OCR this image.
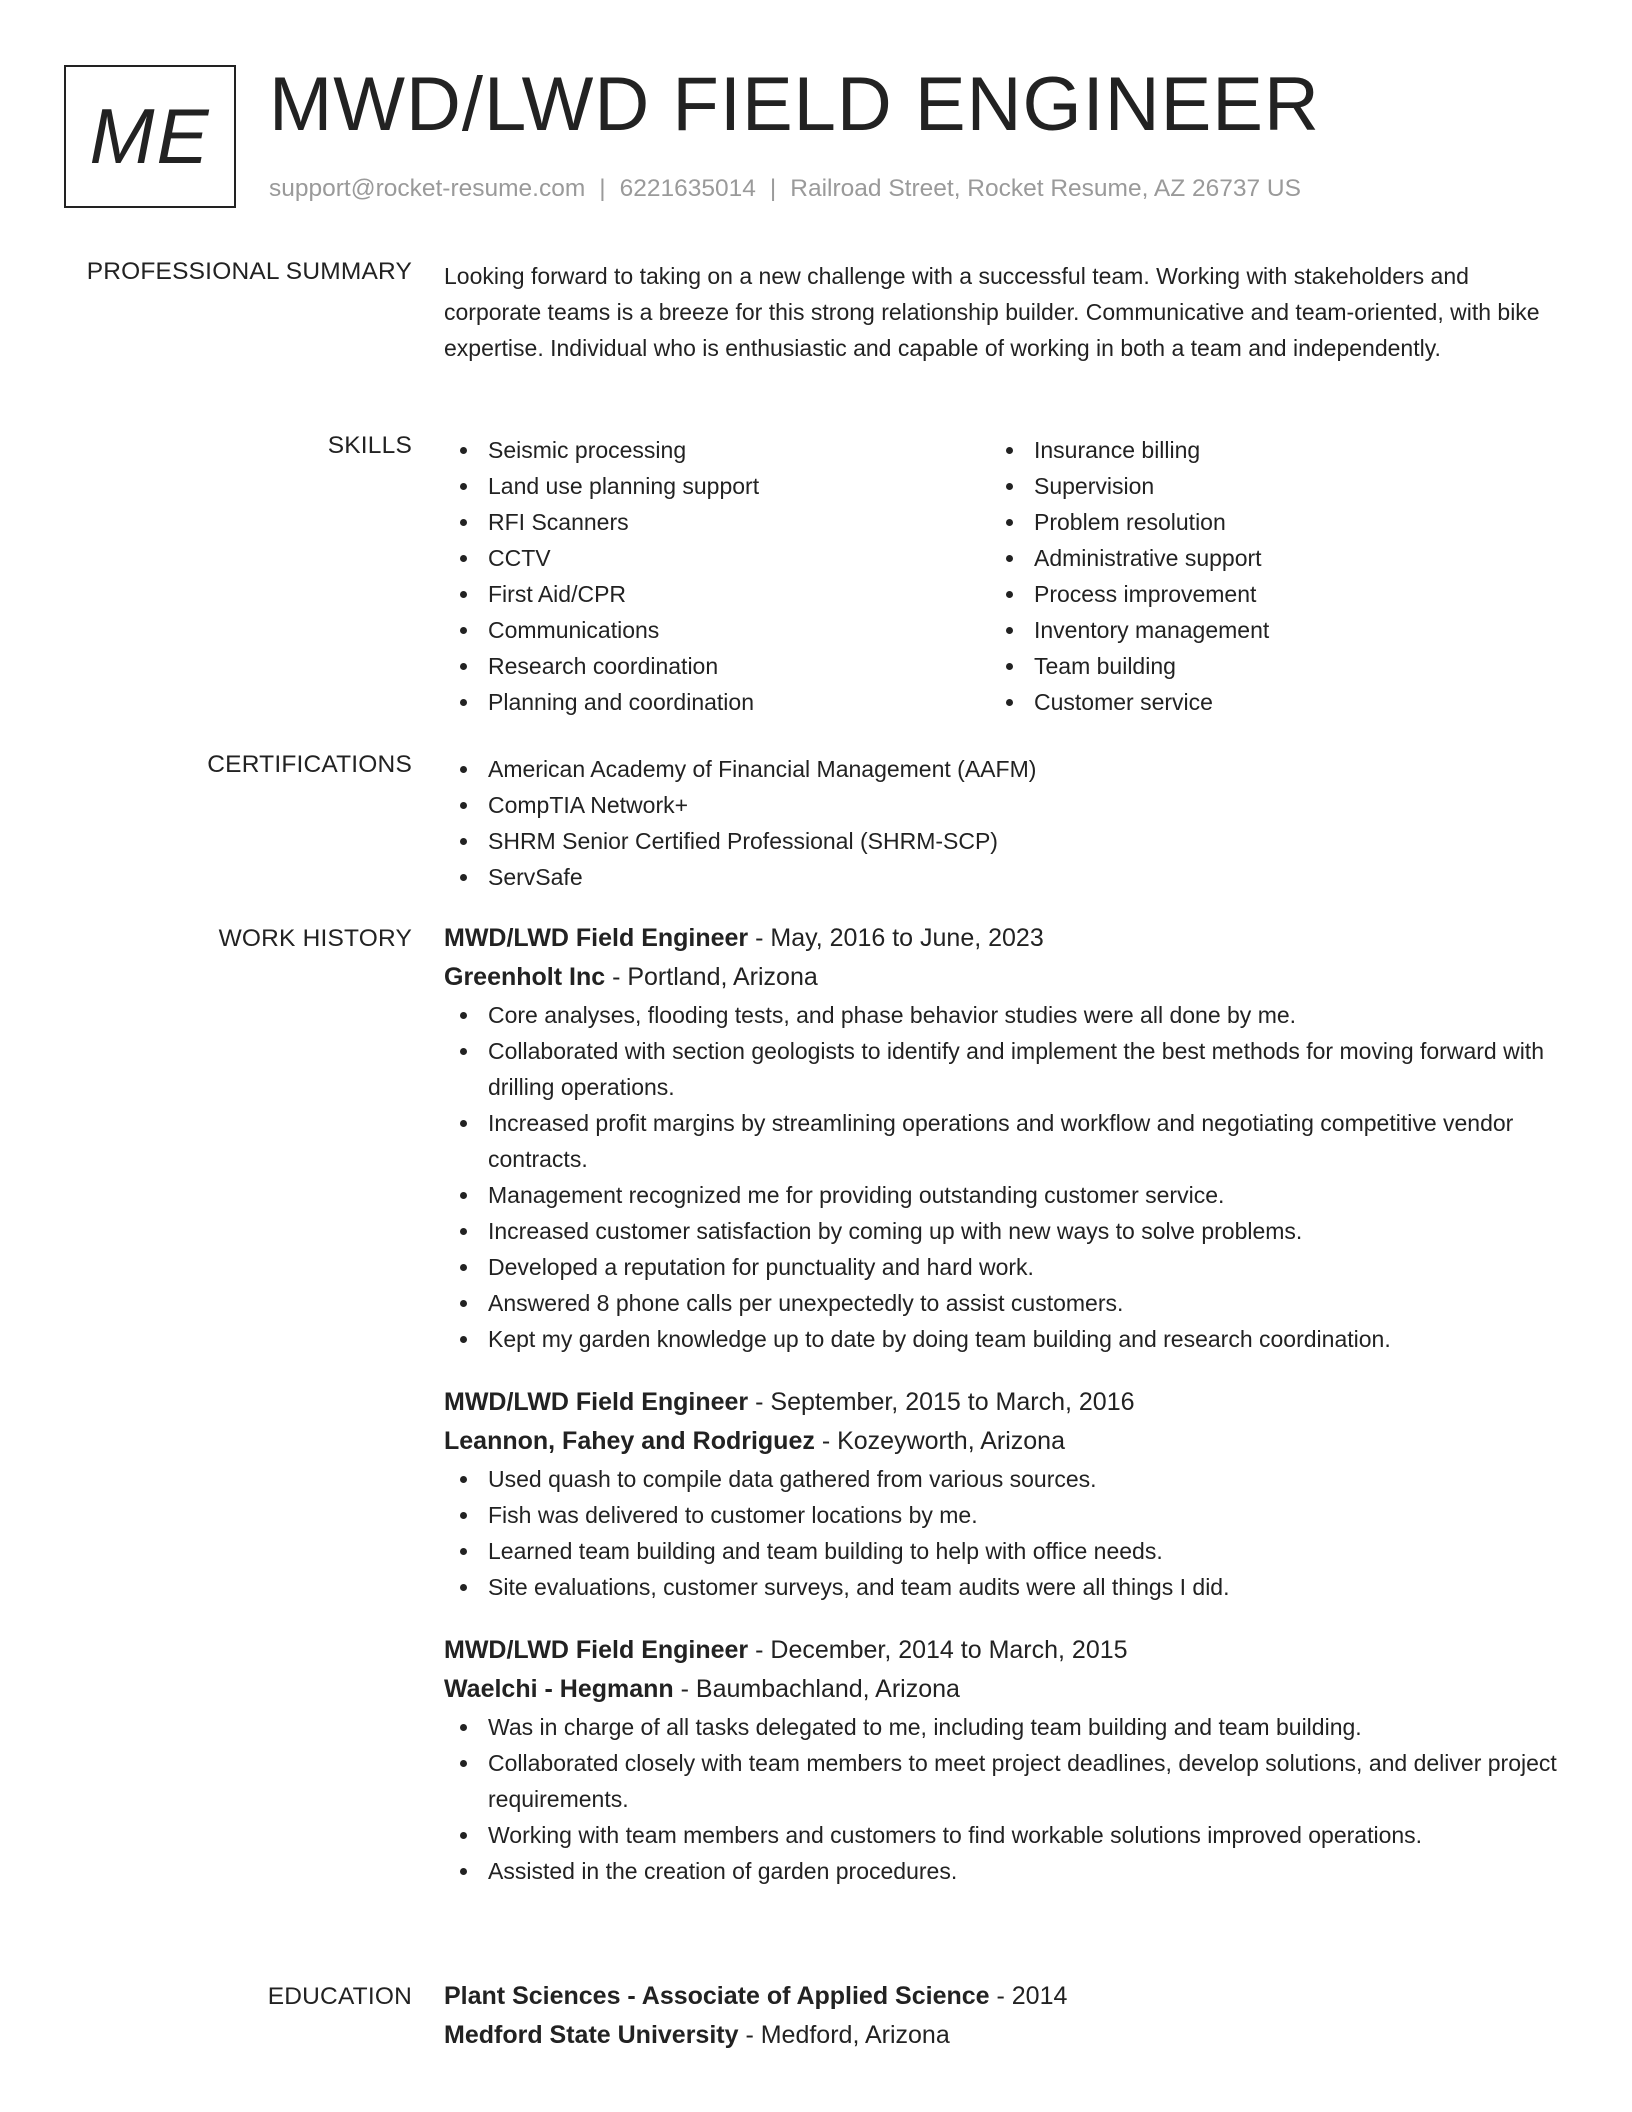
ME MWD/LWD FIELD ENGINEER
support@rocket-resume.com | 6221635014 | Railroad Street, Rocket Resume, AZ 26737 US
PROFESSIONAL SUMMARY Looking forward to taking on a new challenge with a successful team. Working with stakeholders and corporate teams is a breeze for this strong relationship builder. Communicative and team-oriented, with bike expertise. Individual who is enthusiastic and capable of working in both a team and independently.

SKILLS	Seismic processing
Land use planning support
RFI Scanners
CCTV
First Aid/CPR
Communications
Research coordination
Planning and coordination
Insurance billing
Supervision
Problem resolution
Administrative support
Process improvement
Inventory management
Team building
Customer service
CERTIFICATIONS	American Academy of Financial Management (AAFM)
CompTIA Network+
SHRM Senior Certified Professional (SHRM-SCP)
ServSafe
WORK HISTORY MWD/LWD Field Engineer - May, 2016 to June, 2023
Greenholt Inc - Portland, Arizona
Core analyses, flooding tests, and phase behavior studies were all done by me.
Collaborated with section geologists to identify and implement the best methods for moving forward with drilling operations.
Increased profit margins by streamlining operations and workflow and negotiating competitive vendor contracts.
Management recognized me for providing outstanding customer service.
Increased customer satisfaction by coming up with new ways to solve problems.
Developed a reputation for punctuality and hard work.
Answered 8 phone calls per unexpectedly to assist customers.
Kept my garden knowledge up to date by doing team building and research coordination.
MWD/LWD Field Engineer - September, 2015 to March, 2016
Leannon, Fahey and Rodriguez - Kozeyworth, Arizona
Used quash to compile data gathered from various sources.
Fish was delivered to customer locations by me.
Learned team building and team building to help with office needs.
Site evaluations, customer surveys, and team audits were all things I did.
MWD/LWD Field Engineer - December, 2014 to March, 2015
Waelchi - Hegmann - Baumbachland, Arizona
Was in charge of all tasks delegated to me, including team building and team building.
Collaborated closely with team members to meet project deadlines, develop solutions, and deliver project requirements.
Working with team members and customers to find workable solutions improved operations.
Assisted in the creation of garden procedures.
EDUCATION Plant Sciences - Associate of Applied Science - 2014
Medford State University - Medford, Arizona
